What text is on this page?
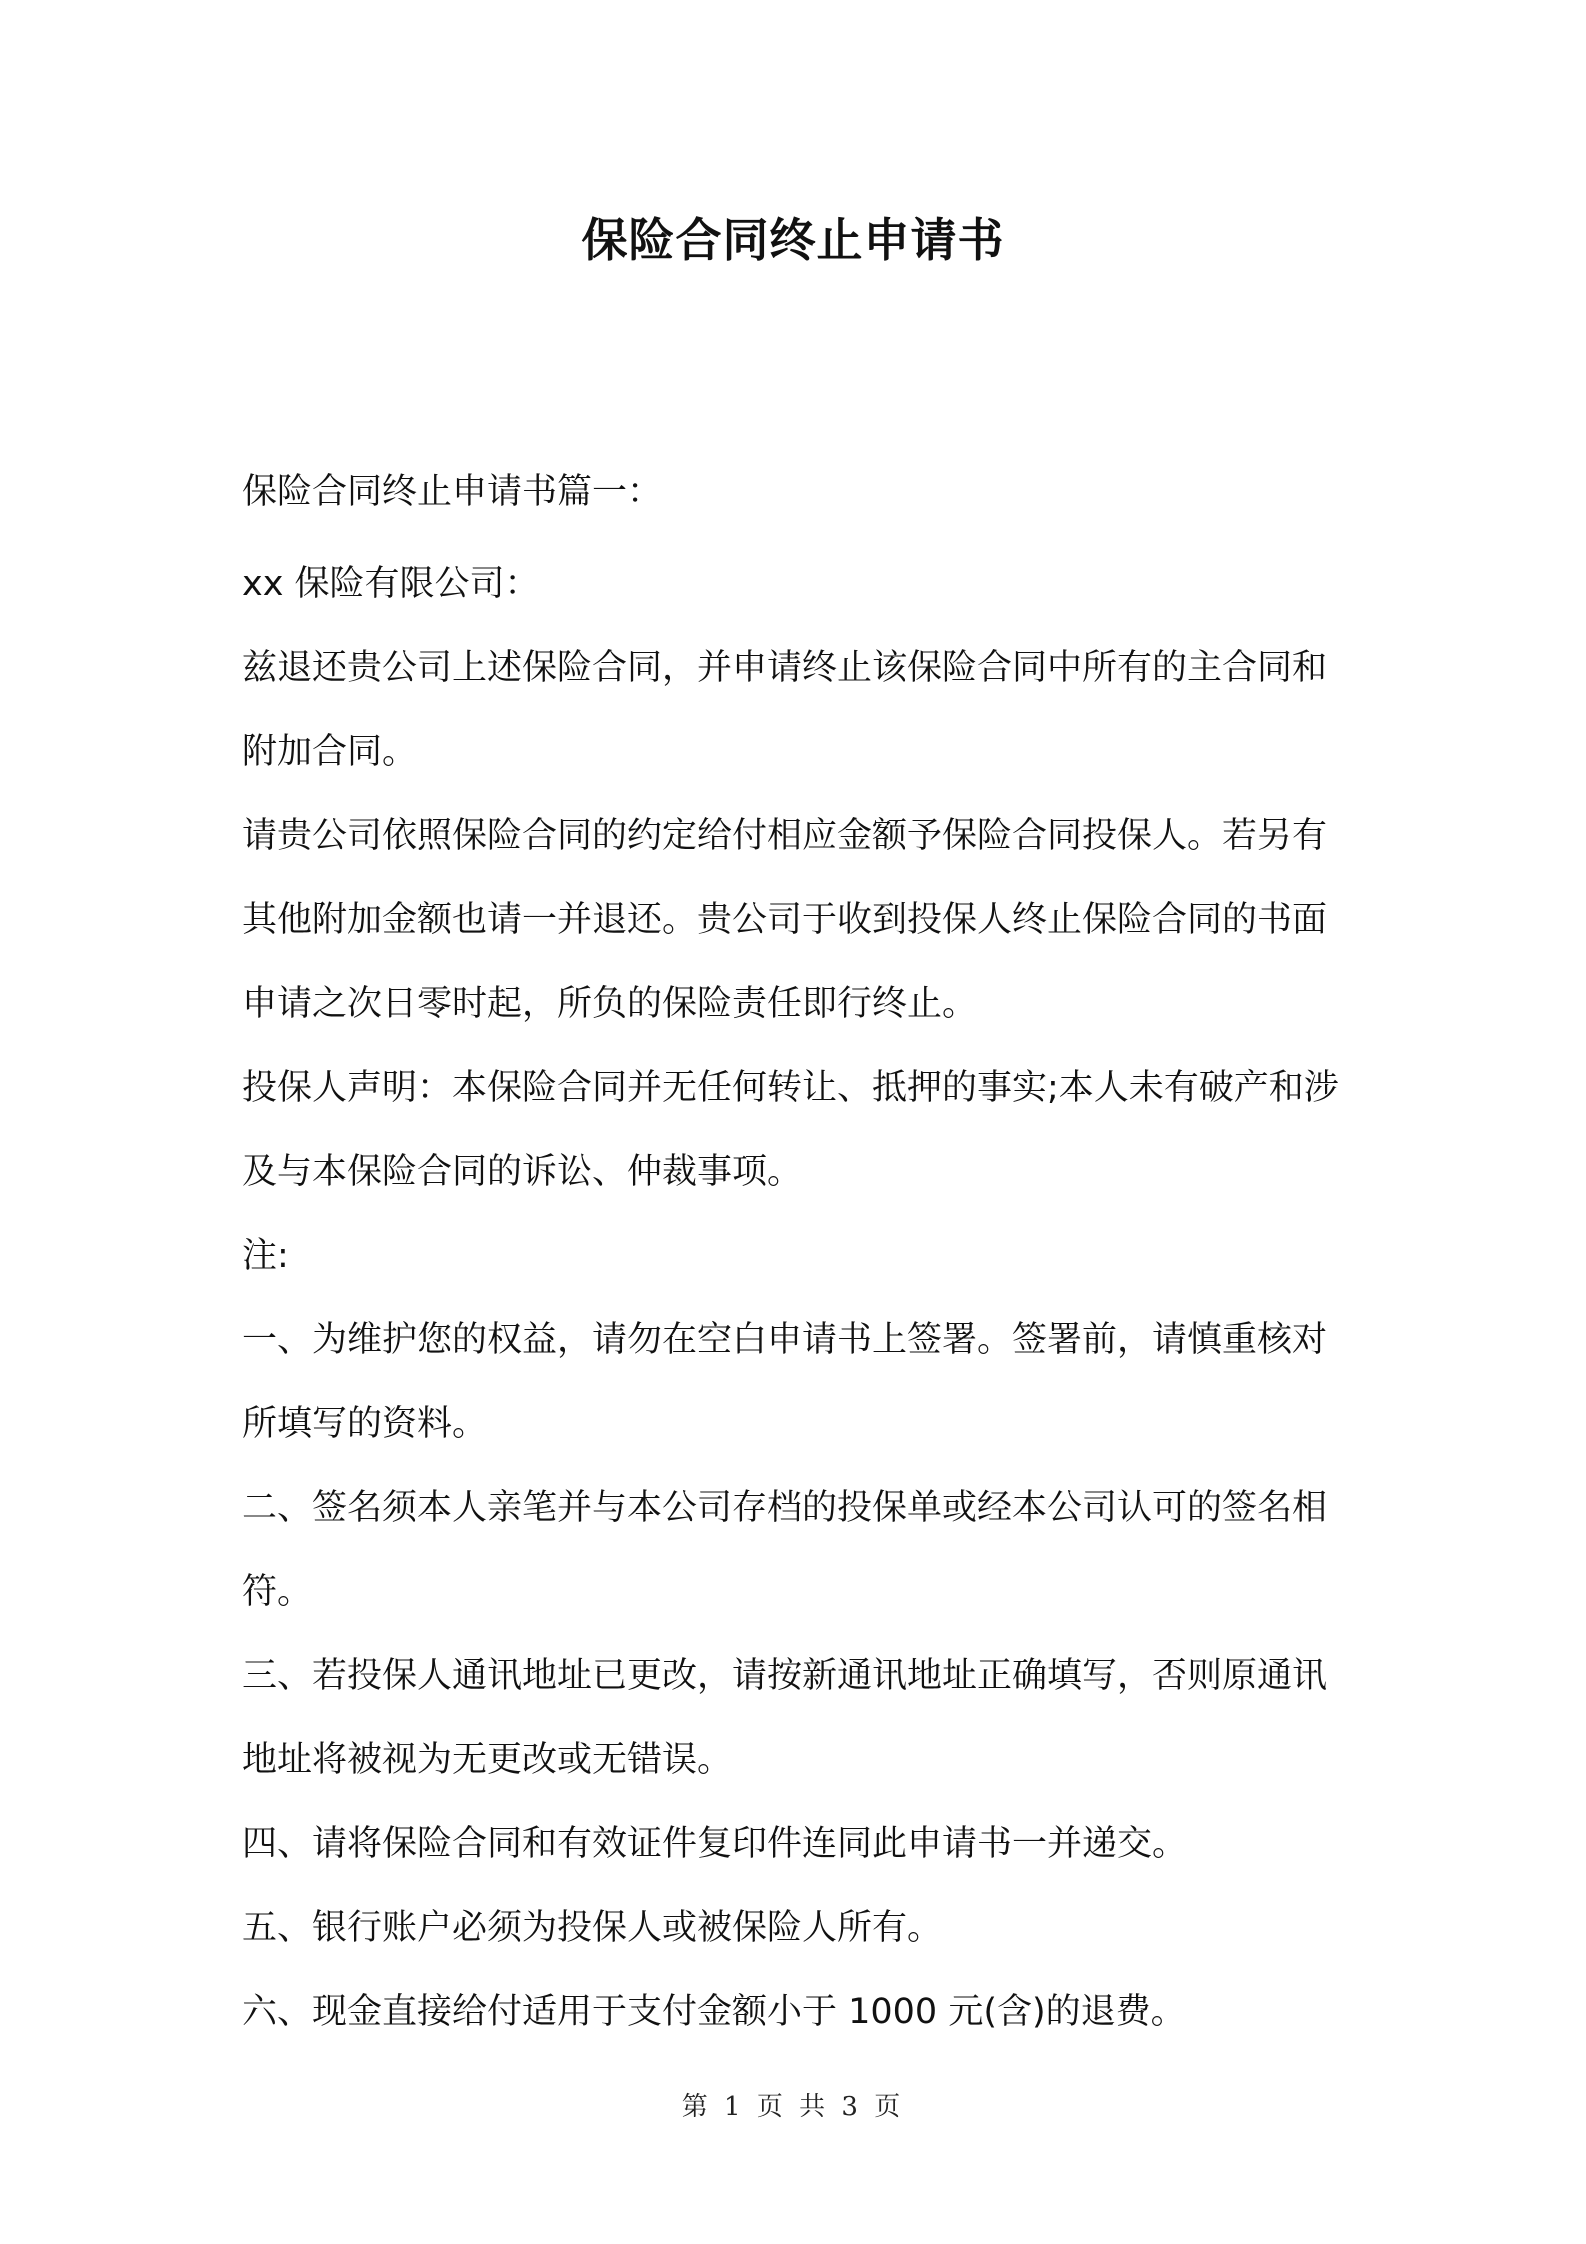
保险合同终止申请书

保险合同终止申请书篇一：

xx 保险有限公司：

兹退还贵公司上述保险合同，并申请终止该保险合同中所有的主合同和附加合同。

请贵公司依照保险合同的约定给付相应金额予保险合同投保人。若另有其他附加金额也请一并退还。贵公司于收到投保人终止保险合同的书面申请之次日零时起，所负的保险责任即行终止。

投保人声明：本保险合同并无任何转让、抵押的事实;本人未有破产和涉及与本保险合同的诉讼、仲裁事项。

注:

一、为维护您的权益，请勿在空白申请书上签署。签署前，请慎重核对所填写的资料。

二、签名须本人亲笔并与本公司存档的投保单或经本公司认可的签名相符。

三、若投保人通讯地址已更改，请按新通讯地址正确填写，否则原通讯地址将被视为无更改或无错误。

四、请将保险合同和有效证件复印件连同此申请书一并递交。

五、银行账户必须为投保人或被保险人所有。

六、现金直接给付适用于支付金额小于 1000 元(含)的退费。

第 1 页 共 3 页
